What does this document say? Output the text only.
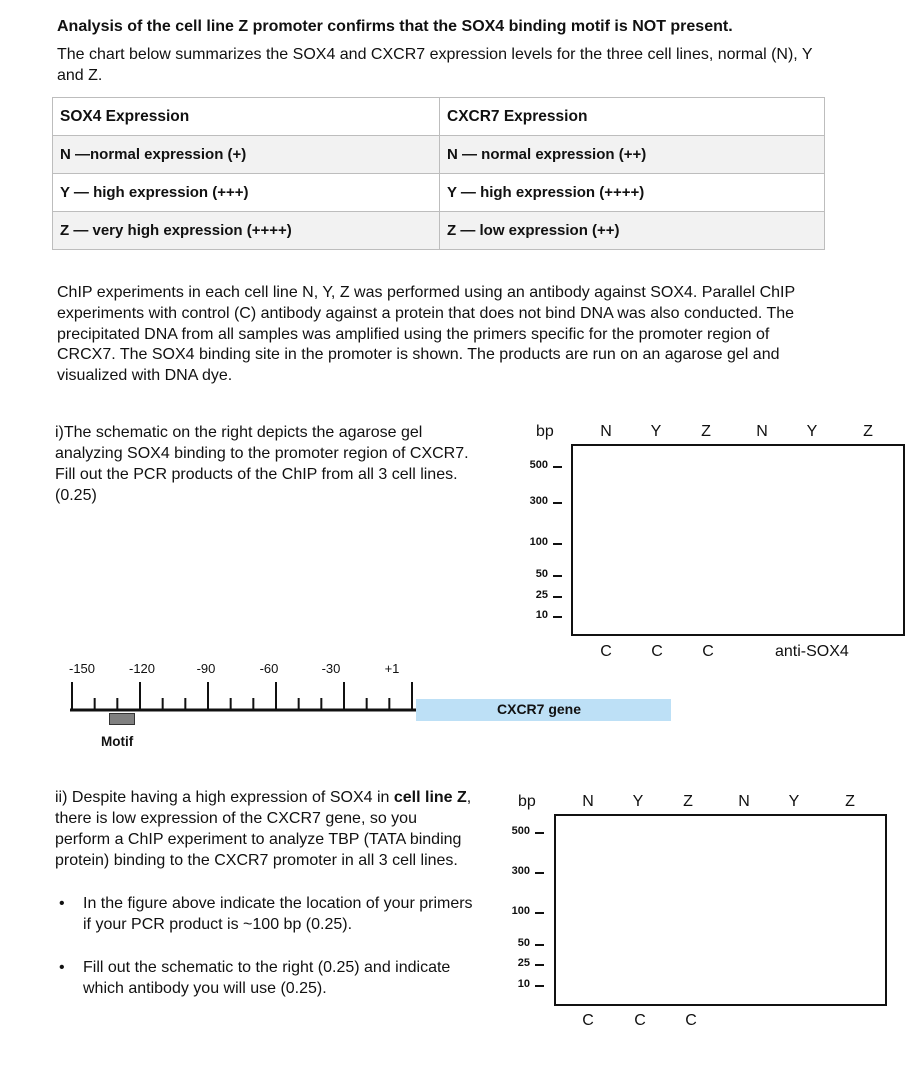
Analysis of the cell line Z promoter confirms that the SOX4 binding motif is NOT present.
The chart below summarizes the SOX4 and CXCR7 expression levels for the three cell lines, normal (N), Y and Z.
SOX4 Expression	CXCR7 Expression
N —normal expression (+)	N — normal expression (++)
Y — high expression (+++)	Y — high expression (++++)
Z — very high expression (++++)	Z — low expression (++)
ChIP experiments in each cell line N, Y, Z was performed using an antibody against SOX4. Parallel ChIP experiments with control (C) antibody against a protein that does not bind DNA was also conducted. The precipitated DNA from all samples was amplified using the primers specific for the promoter region of CRCX7. The SOX4 binding site in the promoter is shown. The products are run on an agarose gel and visualized with DNA dye.
i)The schematic on the right depicts the agarose gel analyzing SOX4 binding to the promoter region of CXCR7. Fill out the PCR products of the ChIP from all 3 cell lines. (0.25)
bp	N Y	Z	N Y	Z
500
300
100
50
25
10
C C C	anti-SOX4
-150	-120	-90	-60	-30	+1
Motif
CXCR7 gene
ii) Despite having a high expression of SOX4 in cell line Z, there is low expression of the CXCR7 gene, so you perform a ChIP experiment to analyze TBP (TATA binding protein) binding to the CXCR7 promoter in all 3 cell lines.
• In the figure above indicate the location of your primers if your PCR product is ~100 bp (0.25).
• Fill out the schematic to the right (0.25) and indicate which antibody you will use (0.25).
bp	N Y	Z	N Y	Z
500
300
100
50
25
10
C	C C
